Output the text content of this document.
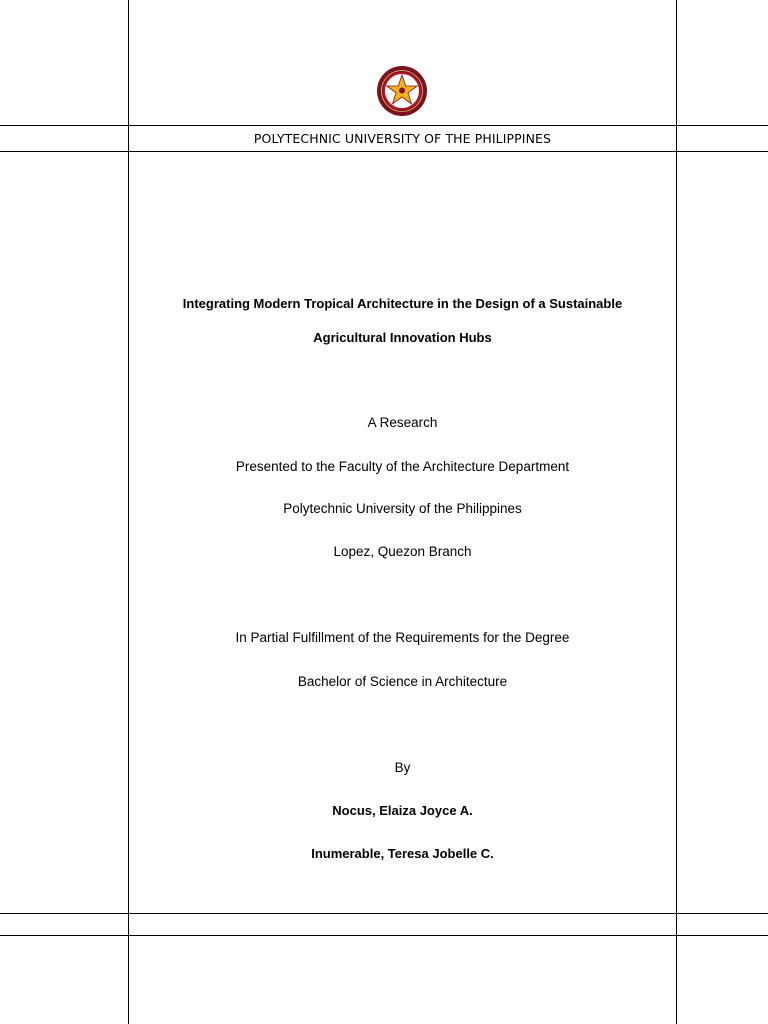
POLYTECHNIC UNIVERSITY OF THE PHILIPPINES
Integrating Modern Tropical Architecture in the Design of a Sustainable
Agricultural Innovation Hubs
A Research
Presented to the Faculty of the Architecture Department
Polytechnic University of the Philippines
Lopez, Quezon Branch
In Partial Fulfillment of the Requirements for the Degree
Bachelor of Science in Architecture
By
Nocus, Elaiza Joyce A.
Inumerable, Teresa Jobelle C.
